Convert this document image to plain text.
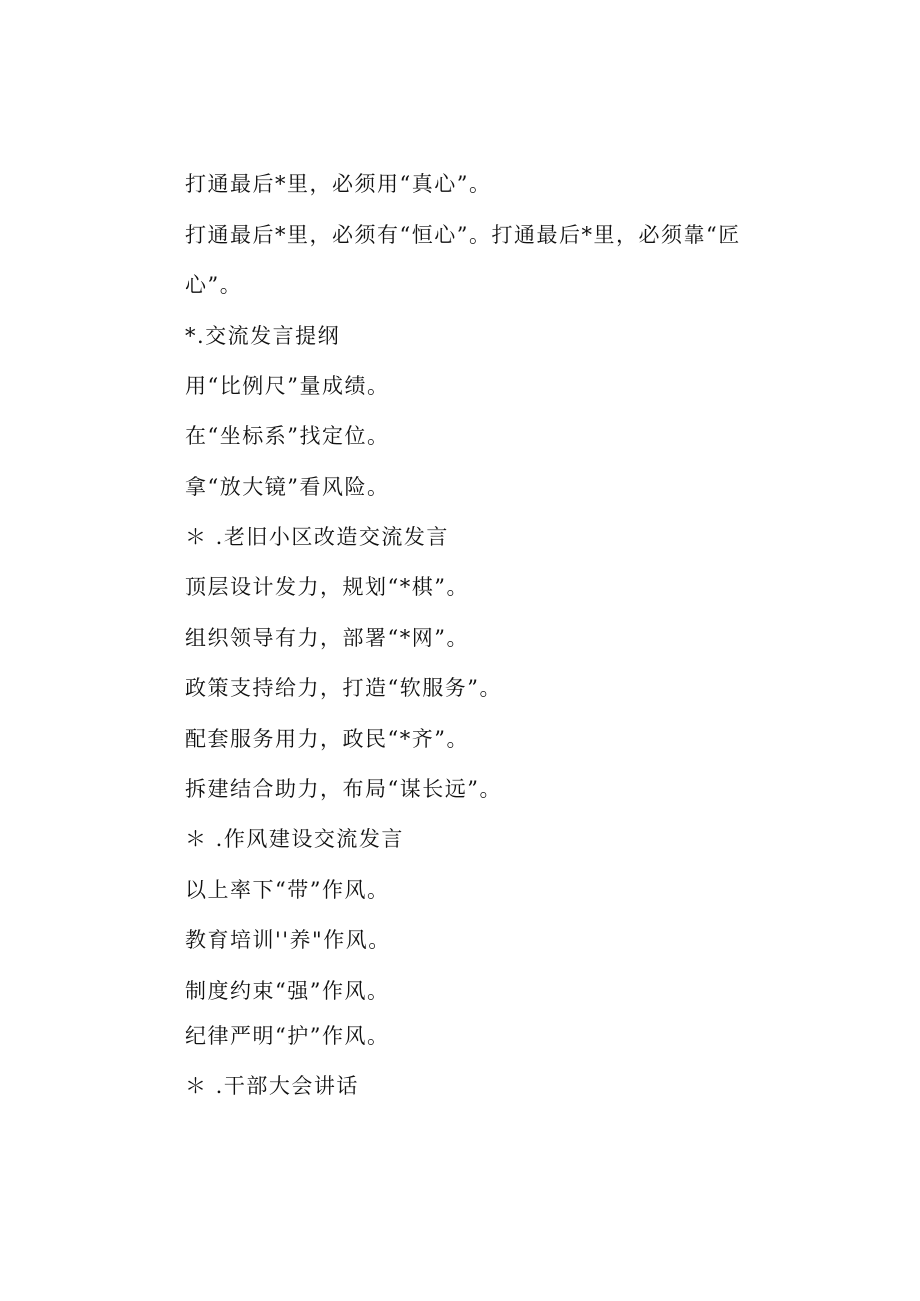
打通最后*里，必须用“真心”。
打通最后*里，必须有“恒心”。打通最后*里，必须靠“匠
心”。
*.交流发言提纲
用“比例尺”量成绩。
在“坐标系”找定位。
拿“放大镜”看风险。
＊ .老旧小区改造交流发言
顶层设计发力，规划“*棋”。
组织领导有力，部署“*网”。
政策支持给力，打造“软服务”。
配套服务用力，政民“*齐”。
拆建结合助力，布局“谋长远”。
＊ .作风建设交流发言
以上率下“带”作风。
教育培训''养"作风。
制度约束“强”作风。
纪律严明“护”作风。
＊ .干部大会讲话
